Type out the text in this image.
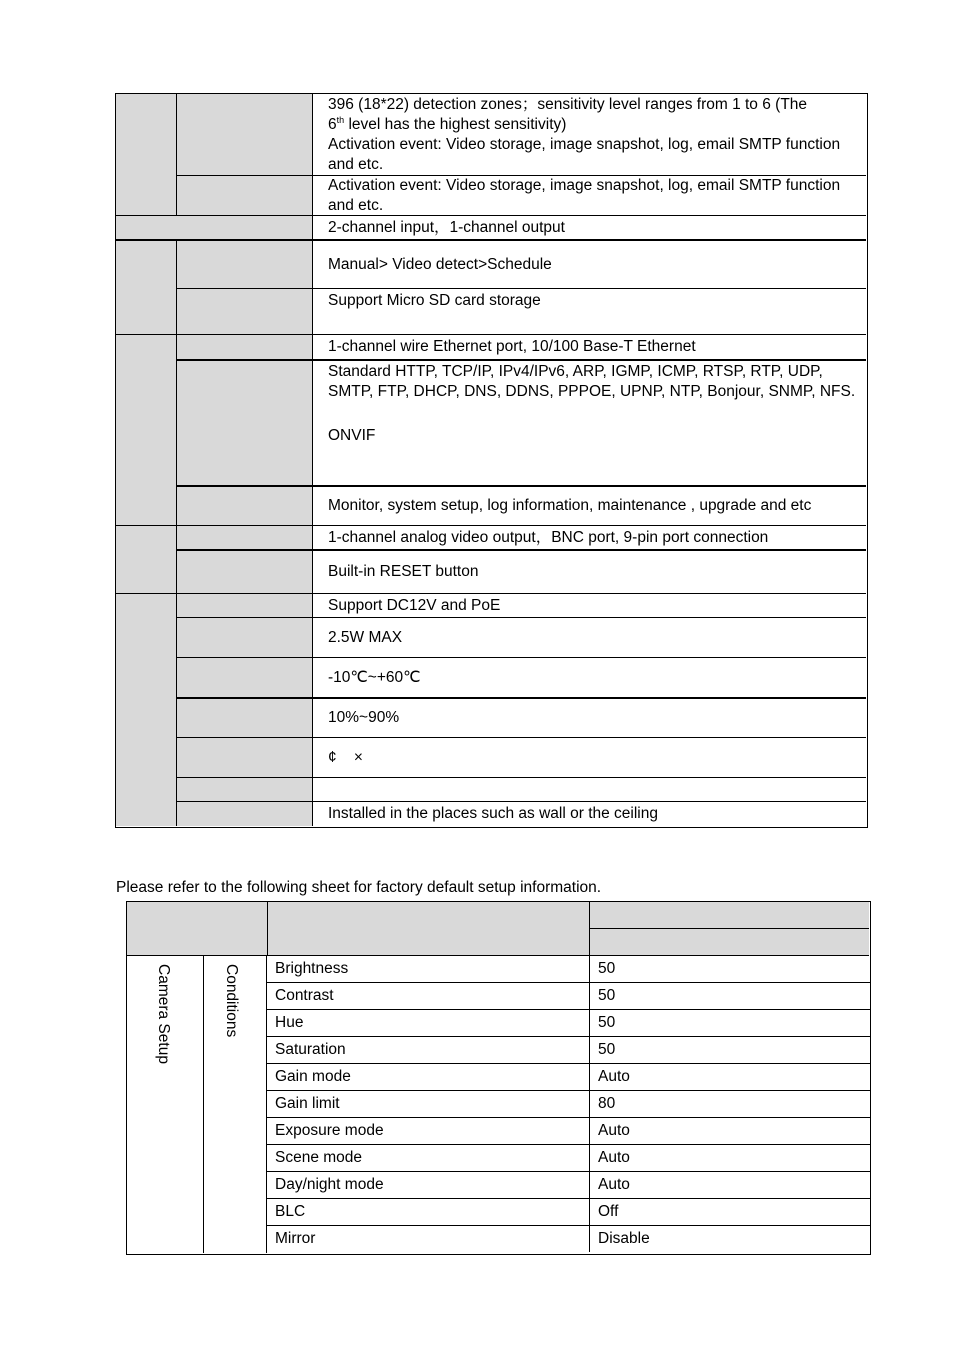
396 (18*22) detection zones；sensitivity level ranges from 1 to 6 (The
6th level has the highest sensitivity)

Activation event: Video storage, image snapshot, log, email SMTP function and etc.

Activation event: Video storage, image snapshot, log, email SMTP function and etc.
2-channel input，1-channel output
Manual> Video detect>Schedule
Support Micro SD card storage
1-channel wire Ethernet port, 10/100 Base-T Ethernet

Standard HTTP, TCP/IP, IPv4/IPv6, ARP, IGMP, ICMP, RTSP, RTP, UDP, SMTP, FTP, DHCP, DNS, DDNS, PPPOE, UPNP, NTP, Bonjour, SNMP, NFS.

ONVIF

Monitor, system setup, log information, maintenance , upgrade and etc
1-channel analog video output，BNC port, 9-pin port connection
Built-in RESET button
Support DC12V and PoE
2.5W MAX
-10℃~+60℃
10%~90%
¢    ×
Installed in the places such as wall or the ceiling
Please refer to the following sheet for factory default setup information.
Camera Setup	Conditions	Brightness	50
Contrast	50
Hue	50
Saturation	50
Gain mode	Auto
Gain limit	80
Exposure mode	Auto
Scene mode	Auto
Day/night mode	Auto
BLC	Off
Mirror	Disable
